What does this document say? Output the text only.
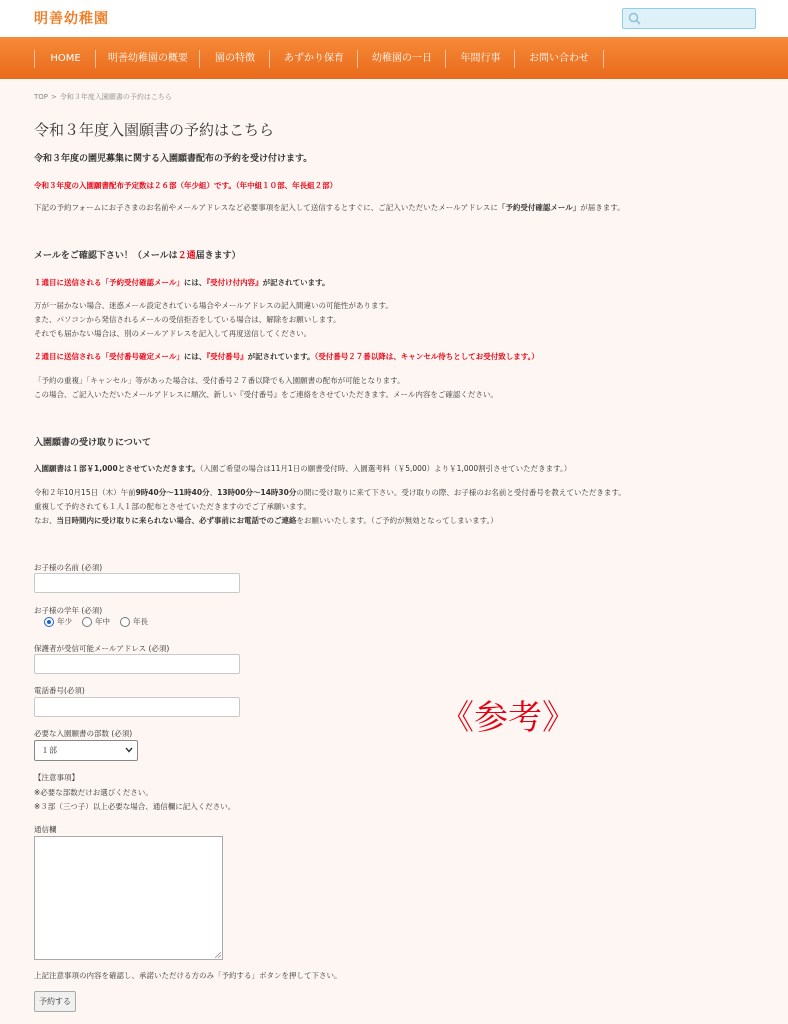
明善幼稚園
HOME	明善幼稚園の概要	園の特徴	あずかり保育	幼稚園の一日	年間行事	お問い合わせ
TOP > 令和３年度入園願書の予約はこちら
令和３年度入園願書の予約はこちら
令和３年度の園児募集に関する入園願書配布の予約を受け付けます。
令和３年度の入園願書配布予定数は２６部（年少組）です。（年中組１０部、年長組２部）
下記の予約フォームにお子さまのお名前やメールアドレスなど必要事項を記入して送信するとすぐに、ご記入いただいたメールアドレスに「予約受付確認メール」が届きます。
メールをご確認下さい！（メールは２通届きます）
１通目に送信される「予約受付確認メール」には、『受付け付内容』が記されています。
万が一届かない場合、迷惑メール設定されている場合やメールアドレスの記入間違いの可能性があります。
また、パソコンから発信されるメールの受信拒否をしている場合は、解除をお願いします。
それでも届かない場合は、別のメールアドレスを記入して再度送信してください。
２通目に送信される「受付番号確定メール」には、『受付番号』が記されています。（受付番号２７番以降は、キャンセル待ちとしてお受付致します。）
「予約の重複」「キャンセル」等があった場合は、受付番号２７番以降でも入園願書の配布が可能となります。
この場合、ご記入いただいたメールアドレスに順次、新しい『受付番号』をご連絡をさせていただきます。メール内容をご確認ください。
入園願書の受け取りについて
入園願書は１部￥1,000とさせていただきます。（入園ご希望の場合は11月1日の願書受付時、入園選考料（￥5,000）より￥1,000割引させていただきます。）
令和２年10月15日（木）午前9時40分～11時40分、13時00分～14時30分の間に受け取りに来て下さい。受け取りの際、お子様のお名前と受付番号を教えていただきます。
重複して予約されても１人１部の配布とさせていただきますのでご了承願います。
なお、当日時間内に受け取りに来られない場合、必ず事前にお電話でのご連絡をお願いいたします。（ご予約が無効となってしまいます。）
お子様の名前 (必須)
お子様の学年 (必須)
年少	年中	年長
保護者が受信可能メールアドレス (必須)
電話番号(必須)
必要な入園願書の部数 (必須)
１部
【注意事項】
※必要な部数だけお選びください。
※３部（三つ子）以上必要な場合、通信欄に記入ください。
通信欄
上記注意事項の内容を確認し、承諾いただける方のみ「予約する」ボタンを押して下さい。
予約する
《参考》
